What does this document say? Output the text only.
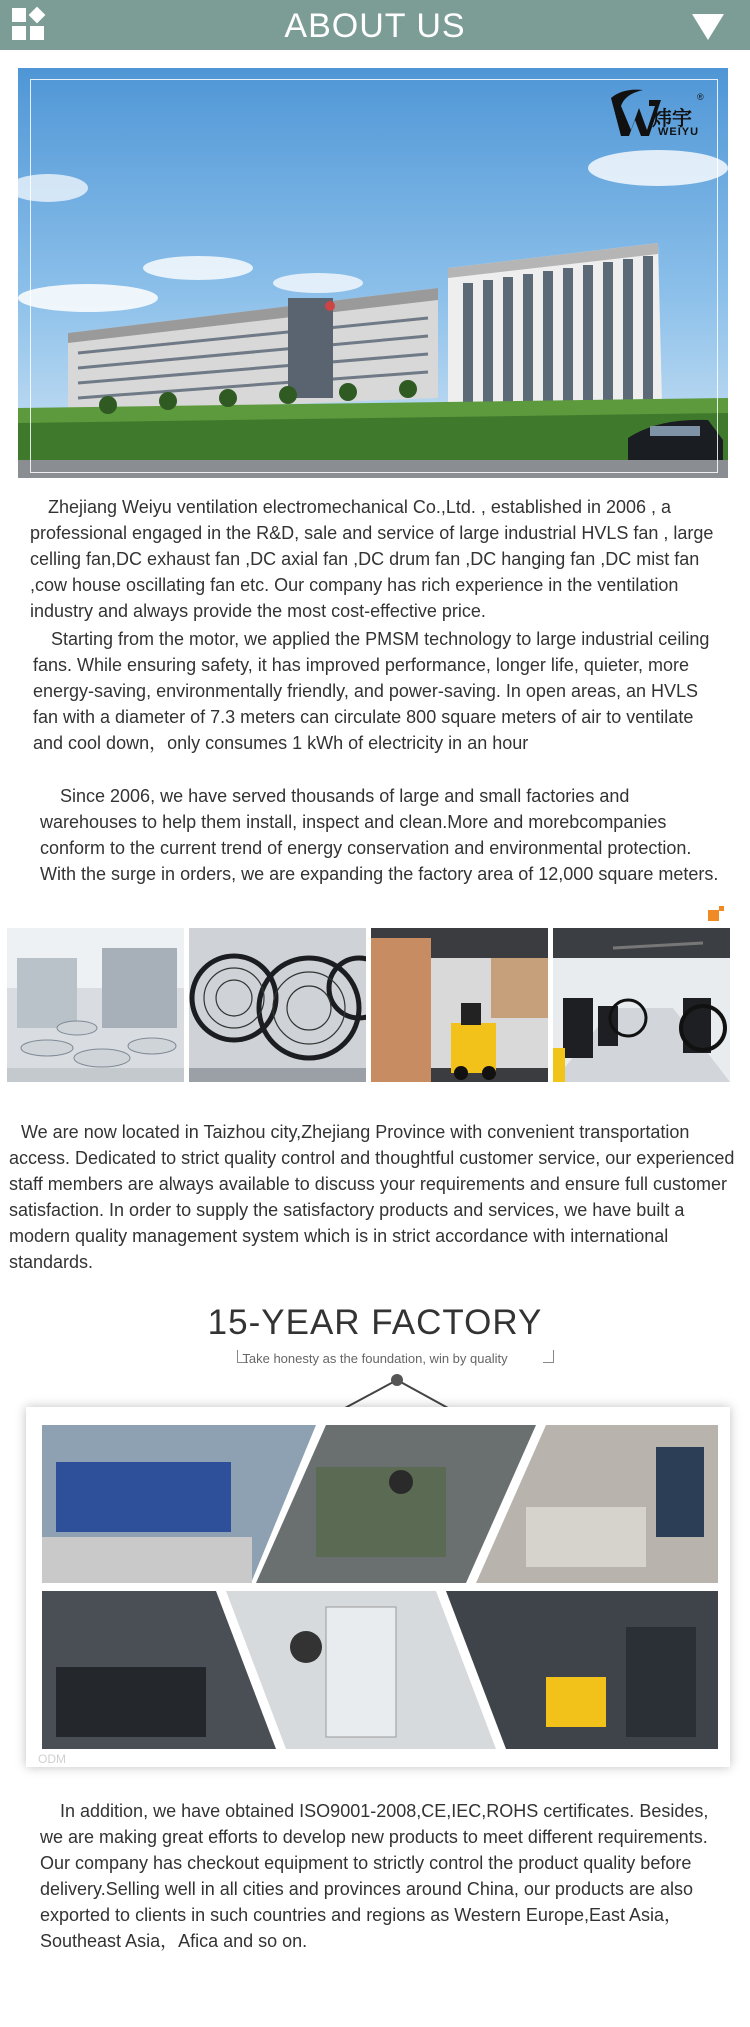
ABOUT US
炜宇
WEIYU
®

Zhejiang Weiyu ventilation electromechanical Co.,Ltd. , established in 2006 , a professional engaged in the R&D, sale and service of large industrial HVLS fan , large celling fan,DC exhaust fan ,DC axial fan ,DC drum fan ,DC hanging fan ,DC mist fan ,cow house oscillating fan etc. Our company has rich experience in the ventilation industry and always provide the most cost-effective price.

Starting from the motor, we applied the PMSM technology to large industrial ceiling fans. While ensuring safety, it has improved performance, longer life, quieter, more energy-saving, environmentally friendly, and power-saving. In open areas, an HVLS fan with a diameter of 7.3 meters can circulate 800 square meters of air to ventilate and cool down，only consumes 1 kWh of electricity in an hour

Since 2006, we have served thousands of large and small factories and warehouses to help them install, inspect and clean.More and morebcompanies conform to the current trend of energy conservation and environmental protection. With the surge in orders, we are expanding the factory area of 12,000 square meters.

We are now located in Taizhou city,Zhejiang Province with convenient transportation access. Dedicated to strict quality control and thoughtful customer service, our experienced staff members are always available to discuss your requirements and ensure full customer satisfaction. In order to supply the satisfactory products and services, we have built a modern quality management system which is in strict accordance with international standards.

15-YEAR FACTORY
Take honesty as the foundation, win by quality
ODM

In addition, we have obtained ISO9001-2008,CE,IEC,ROHS certificates. Besides, we are making great efforts to develop new products to meet different requirements. Our company has checkout equipment to strictly control the product quality before delivery.Selling well in all cities and provinces around China, our products are also exported to clients in such countries and regions as Western Europe,East Asia，Southeast Asia，Afica and so on.
